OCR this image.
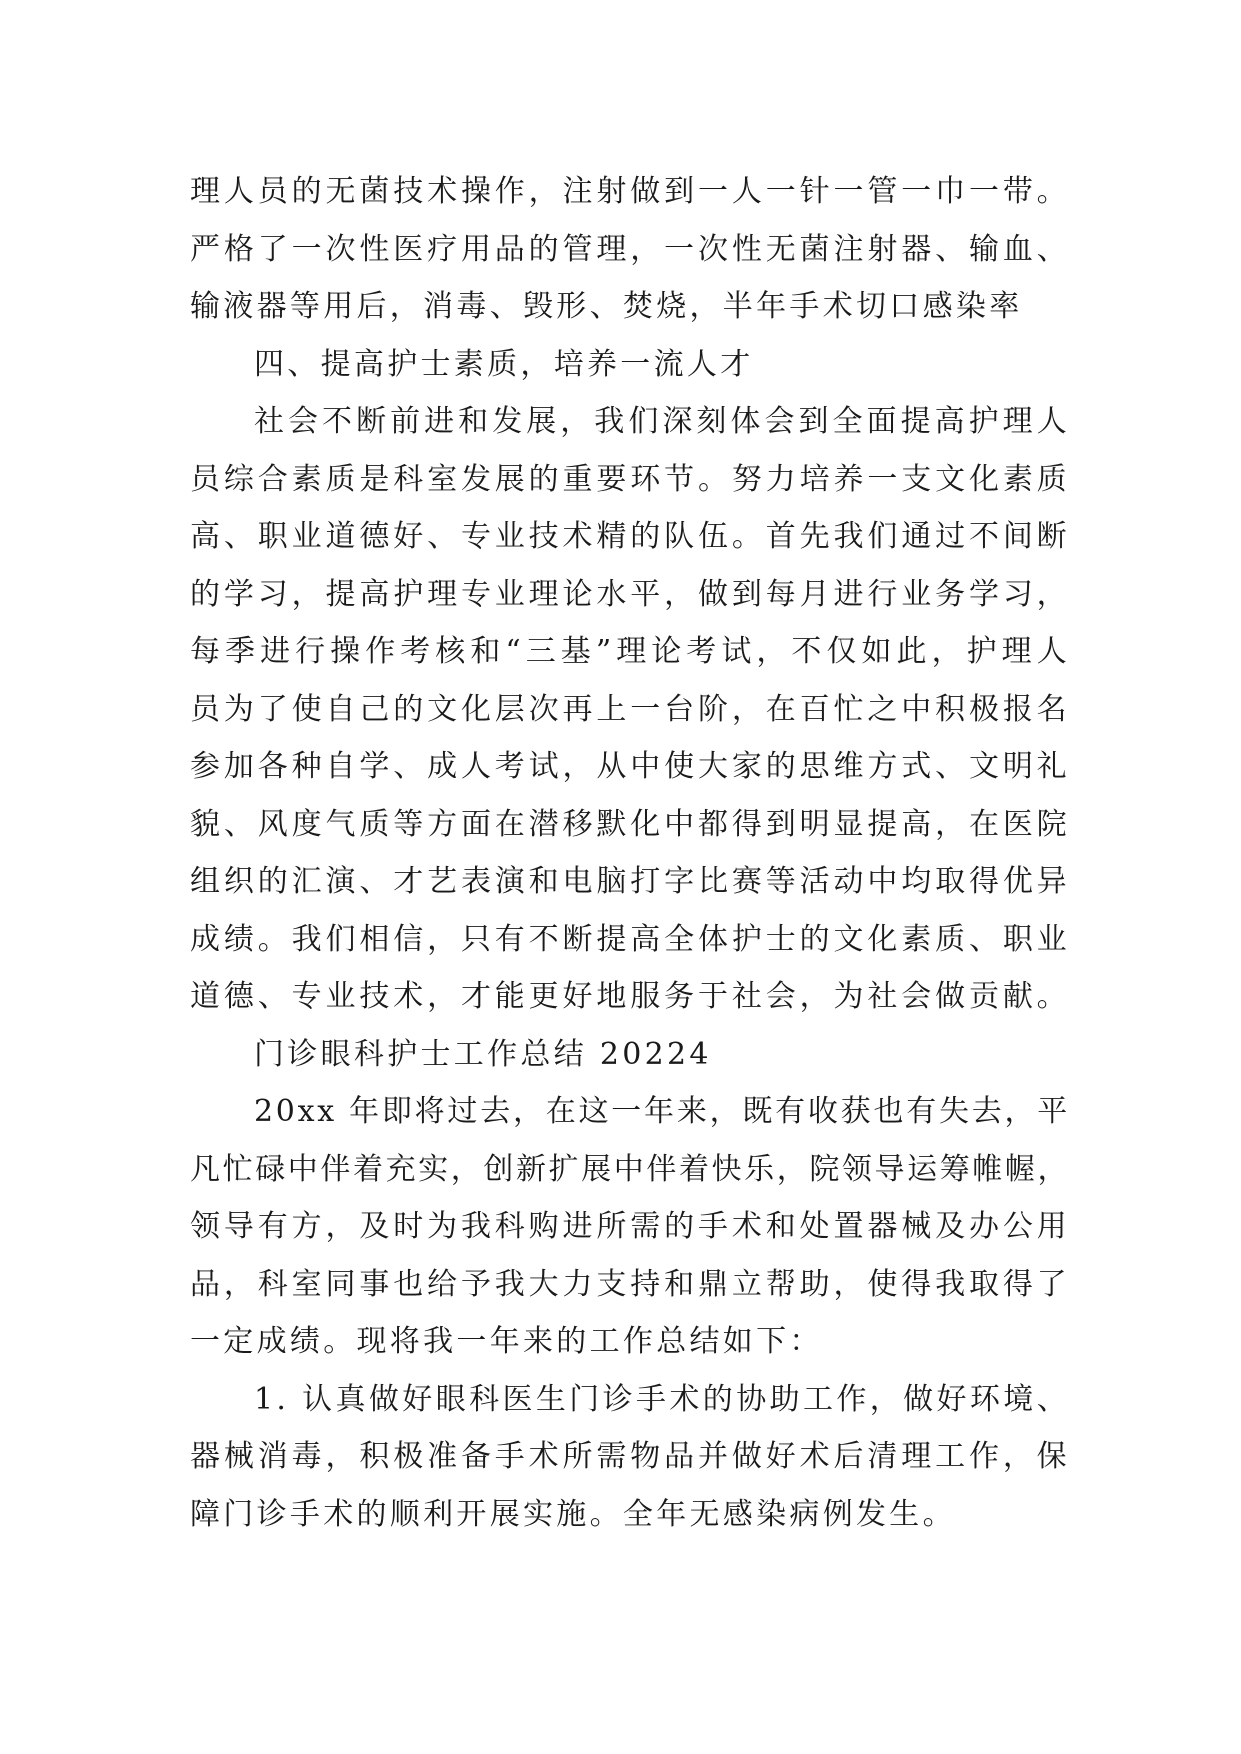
理人员的无菌技术操作，注射做到一人一针一管一巾一带。
严格了一次性医疗用品的管理，一次性无菌注射器、输血、
输液器等用后，消毒、毁形、焚烧，半年手术切口感染率
四、提高护士素质，培养一流人才
社会不断前进和发展，我们深刻体会到全面提高护理人
员综合素质是科室发展的重要环节。努力培养一支文化素质
高、职业道德好、专业技术精的队伍。首先我们通过不间断
的学习，提高护理专业理论水平，做到每月进行业务学习，
每季进行操作考核和“三基”理论考试，不仅如此，护理人
员为了使自己的文化层次再上一台阶，在百忙之中积极报名
参加各种自学、成人考试，从中使大家的思维方式、文明礼
貌、风度气质等方面在潜移默化中都得到明显提高，在医院
组织的汇演、才艺表演和电脑打字比赛等活动中均取得优异
成绩。我们相信，只有不断提高全体护士的文化素质、职业
道德、专业技术，才能更好地服务于社会，为社会做贡献。
门诊眼科护士工作总结 20224
20xx 年即将过去，在这一年来，既有收获也有失去，平
凡忙碌中伴着充实，创新扩展中伴着快乐，院领导运筹帷幄，
领导有方，及时为我科购进所需的手术和处置器械及办公用
品，科室同事也给予我大力支持和鼎立帮助，使得我取得了
一定成绩。现将我一年来的工作总结如下：
1. 认真做好眼科医生门诊手术的协助工作，做好环境、
器械消毒，积极准备手术所需物品并做好术后清理工作，保
障门诊手术的顺利开展实施。全年无感染病例发生。
